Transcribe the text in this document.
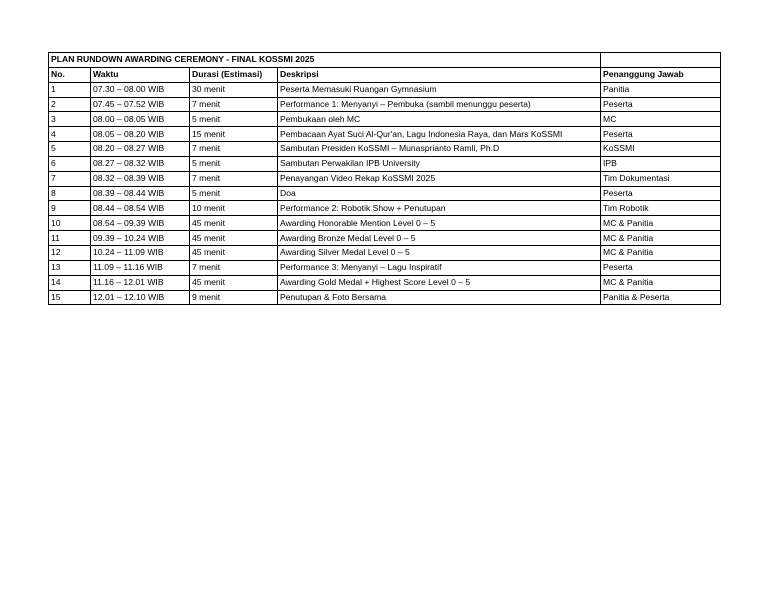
PLAN RUNDOWN AWARDING CEREMONY - FINAL KOSSMI 2025				
No.	Waktu	Durasi (Estimasi)	Deskripsi	Penanggung Jawab
1	07.30 – 08.00 WIB	30 menit	Peserta Memasuki Ruangan Gymnasium	Panitia
2	07.45 – 07.52 WIB	7 menit	Performance 1: Menyanyi – Pembuka (sambil menunggu peserta)	Peserta
3	08.00 – 08.05 WIB	5 menit	Pembukaan oleh MC	MC
4	08.05 – 08.20 WIB	15 menit	Pembacaan Ayat Suci Al-Qur'an, Lagu Indonesia Raya, dan Mars KoSSMI	Peserta
5	08.20 – 08.27 WIB	7 menit	Sambutan Presiden KoSSMI – Munasprianto Ramli, Ph.D	KoSSMI
6	08.27 – 08.32 WIB	5 menit	Sambutan Perwakilan IPB University	IPB
7	08.32 – 08.39 WIB	7 menit	Penayangan Video Rekap KoSSMI 2025	Tim Dokumentasi
8	08.39 – 08.44 WIB	5 menit	Doa	Peserta
9	08.44 – 08.54 WIB	10 menit	Performance 2: Robotik Show + Penutupan	Tim Robotik
10	08.54 – 09.39 WIB	45 menit	Awarding Honorable Mention Level 0 – 5	MC & Panitia
11	09.39 – 10.24 WIB	45 menit	Awarding Bronze Medal Level 0 – 5	MC & Panitia
12	10.24 – 11.09 WIB	45 menit	Awarding Silver Medal Level 0 – 5	MC & Panitia
13	11.09 – 11.16 WIB	7 menit	Performance 3: Menyanyi – Lagu Inspiratif	Peserta
14	11.16 – 12.01 WIB	45 menit	Awarding Gold Medal + Highest Score Level 0 – 5	MC & Panitia
15	12.01 – 12.10 WIB	9 menit	Penutupan & Foto Bersama	Panitia & Peserta
